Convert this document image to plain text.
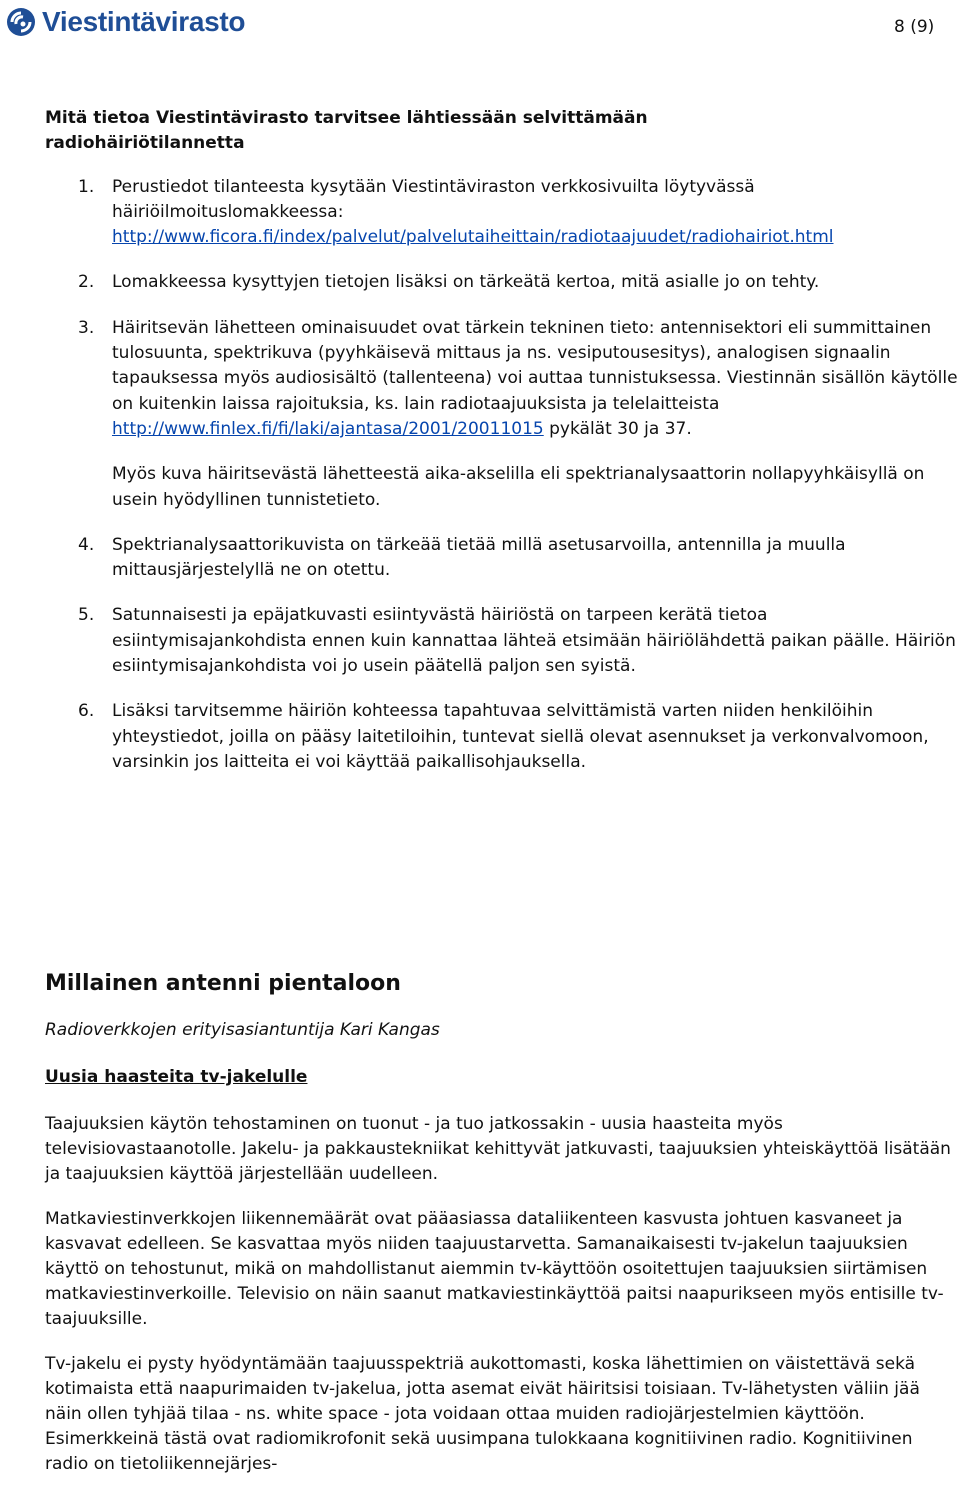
Viestintävirasto	8 (9)
Mitä tietoa Viestintävirasto tarvitsee lähtiessään selvittämään radiohäiriötilannetta
1. Perustiedot tilanteesta kysytään Viestintäviraston verkkosivuilta löytyvässä häiriöilmoituslomakkeessa:
http://www.ficora.fi/index/palvelut/palvelutaiheittain/radiotaajuudet/radiohairiot.html
2. Lomakkeessa kysyttyjen tietojen lisäksi on tärkeätä kertoa, mitä asialle jo on tehty.
3. Häiritsevän lähetteen ominaisuudet ovat tärkein tekninen tieto: antennisektori eli summittainen tulosuunta, spektrikuva (pyyhkäisevä mittaus ja ns. vesiputousesitys), analogisen signaalin tapauksessa myös audiosisältö (tallenteena) voi auttaa tunnistuksessa. Viestinnän sisällön käytölle on kuitenkin laissa rajoituksia, ks. lain radiotaajuuksista ja telelaitteista
http://www.finlex.fi/fi/laki/ajantasa/2001/20011015 pykälät 30 ja 37.
Myös kuva häiritsevästä lähetteestä aika-akselilla eli spektrianalysaattorin nollapyyhkäisyllä on usein hyödyllinen tunnistetieto.
4. Spektrianalysaattorikuvista on tärkeää tietää millä asetusarvoilla, antennilla ja muulla mittausjärjestelyllä ne on otettu.
5. Satunnaisesti ja epäjatkuvasti esiintyvästä häiriöstä on tarpeen kerätä tietoa esiintymisajankohdista ennen kuin kannattaa lähteä etsimään häiriölähdettä paikan päälle. Häiriön esiintymisajankohdista voi jo usein päätellä paljon sen syistä.
6. Lisäksi tarvitsemme häiriön kohteessa tapahtuvaa selvittämistä varten niiden henkilöihin yhteystiedot, joilla on pääsy laitetiloihin, tuntevat siellä olevat asennukset ja verkonvalvomoon, varsinkin jos laitteita ei voi käyttää paikallisohjauksella.
Millainen antenni pientaloon
Radioverkkojen erityisasiantuntija Kari Kangas
Uusia haasteita tv-jakelulle

Taajuuksien käytön tehostaminen on tuonut - ja tuo jatkossakin - uusia haasteita myös televisiovastaanotolle. Jakelu- ja pakkaustekniikat kehittyvät jatkuvasti, taajuuksien yhteiskäyttöä lisätään ja taajuuksien käyttöä järjestellään uudelleen.

Matkaviestinverkkojen liikennemäärät ovat pääasiassa dataliikenteen kasvusta johtuen kasvaneet ja kasvavat edelleen. Se kasvattaa myös niiden taajuustarvetta. Samanaikaisesti tv-jakelun taajuuksien käyttö on tehostunut, mikä on mahdollistanut aiemmin tv-käyttöön osoitettujen taajuuksien siirtämisen matkaviestinverkoille. Televisio on näin saanut matkaviestinkäyttöä paitsi naapurikseen myös entisille tv-taajuuksille.

Tv-jakelu ei pysty hyödyntämään taajuusspektriä aukottomasti, koska lähettimien on väistettävä sekä kotimaista että naapurimaiden tv-jakelua, jotta asemat eivät häiritsisi toisiaan. Tv-lähetysten väliin jää näin ollen tyhjää tilaa - ns. white space - jota voidaan ottaa muiden radiojärjestelmien käyttöön. Esimerkkeinä tästä ovat radiomikrofonit sekä uusimpana tulokkaana kognitiivinen radio. Kognitiivinen radio on tietoliikennejärjes-
